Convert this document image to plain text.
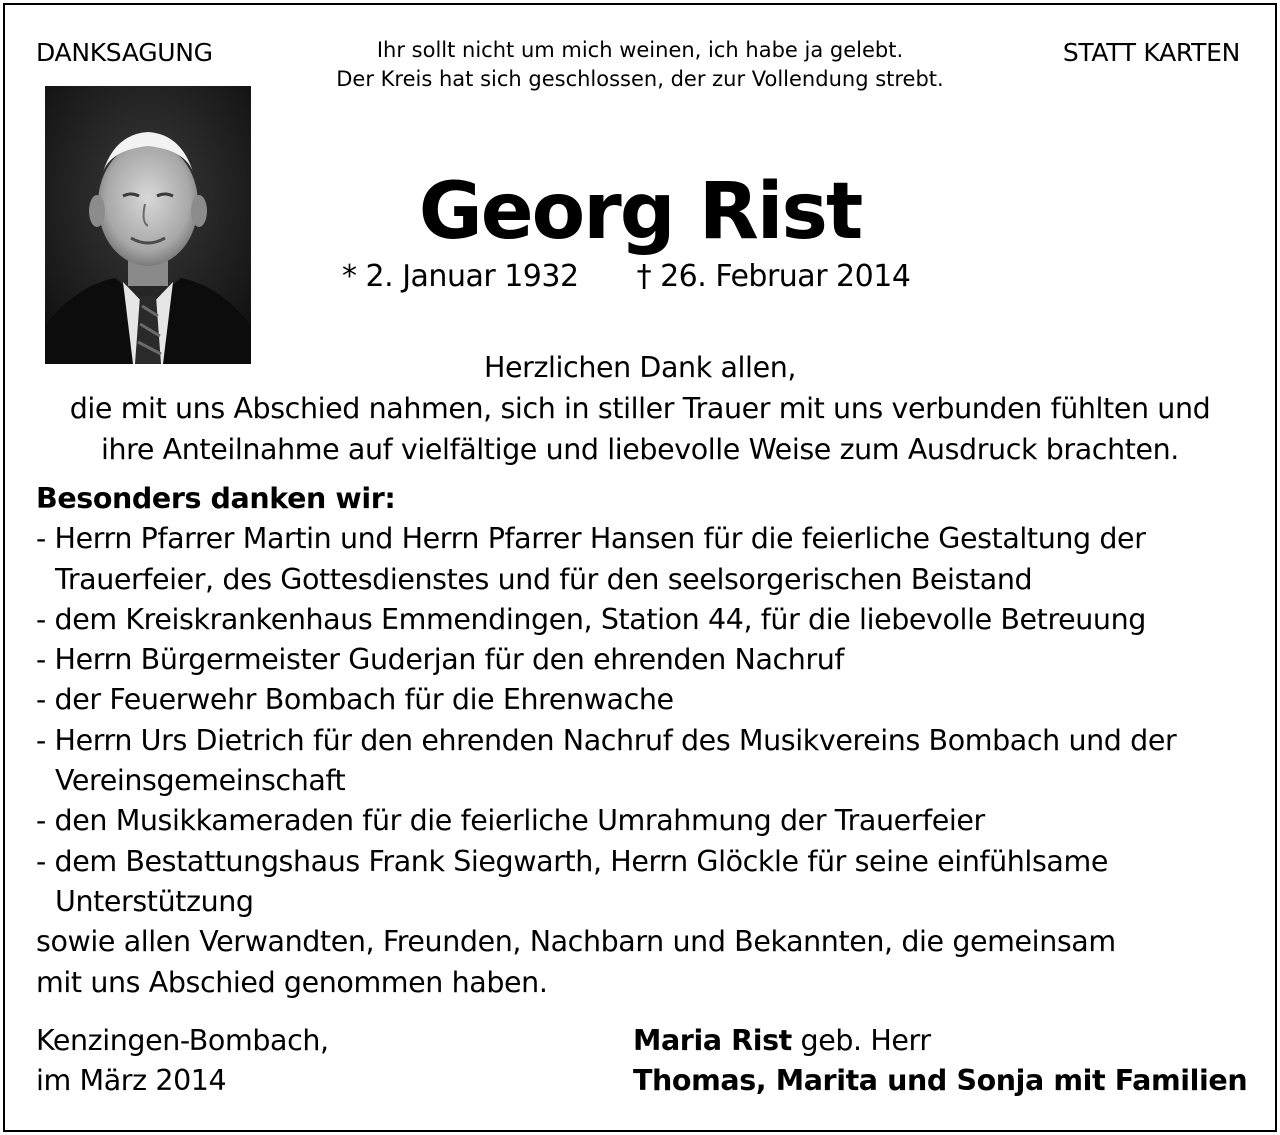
DANKSAGUNG	STATT KARTEN
Ihr sollt nicht um mich weinen, ich habe ja gelebt.
Der Kreis hat sich geschlossen, der zur Vollendung strebt.
Georg Rist
* 2. Januar 1932 † 26. Februar 2014
Herzlichen Dank allen,
die mit uns Abschied nahmen, sich in stiller Trauer mit uns verbunden fühlten und
ihre Anteilnahme auf vielfältige und liebevolle Weise zum Ausdruck brachten.
Besonders danken wir:
- Herrn Pfarrer Martin und Herrn Pfarrer Hansen für die feierliche Gestaltung der Trauerfeier, des Gottesdienstes und für den seelsorgerischen Beistand
- dem Kreiskrankenhaus Emmendingen, Station 44, für die liebevolle Betreuung
- Herrn Bürgermeister Guderjan für den ehrenden Nachruf
- der Feuerwehr Bombach für die Ehrenwache
- Herrn Urs Dietrich für den ehrenden Nachruf des Musikvereins Bombach und der Vereinsgemeinschaft
- den Musikkameraden für die feierliche Umrahmung der Trauerfeier
- dem Bestattungshaus Frank Siegwarth, Herrn Glöckle für seine einfühlsame Unterstützung
sowie allen Verwandten, Freunden, Nachbarn und Bekannten, die gemeinsam
mit uns Abschied genommen haben.
Kenzingen-Bombach,
im März 2014
Maria Rist geb. Herr
Thomas, Marita und Sonja mit Familien
